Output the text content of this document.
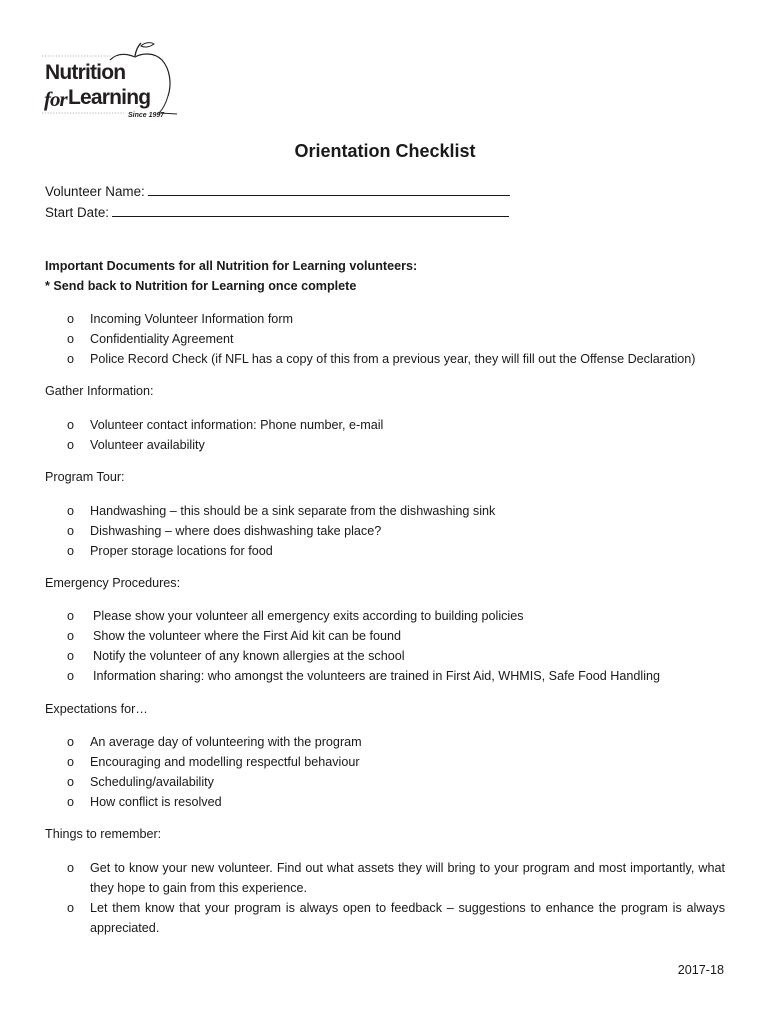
Nutrition
for Learning
Since 1997
Orientation Checklist
Volunteer Name:
Start Date:
Important Documents for all Nutrition for Learning volunteers:
* Send back to Nutrition for Learning once complete
o	Incoming Volunteer Information form
o	Confidentiality Agreement
o	Police Record Check (if NFL has a copy of this from a previous year, they will fill out the Offense Declaration)
Gather Information:
o	Volunteer contact information: Phone number, e-mail
o	Volunteer availability
Program Tour:
o	Handwashing – this should be a sink separate from the dishwashing sink
o	Dishwashing – where does dishwashing take place?
o	Proper storage locations for food
Emergency Procedures:
o	Please show your volunteer all emergency exits according to building policies
o	Show the volunteer where the First Aid kit can be found
o	Notify the volunteer of any known allergies at the school
o	Information sharing: who amongst the volunteers are trained in First Aid, WHMIS, Safe Food Handling
Expectations for…
o	An average day of volunteering with the program
o	Encouraging and modelling respectful behaviour
o	Scheduling/availability
o	How conflict is resolved
Things to remember:
o	Get to know your new volunteer. Find out what assets they will bring to your program and most importantly, what they hope to gain from this experience.
o	Let them know that your program is always open to feedback – suggestions to enhance the program is always appreciated.
2017-18
